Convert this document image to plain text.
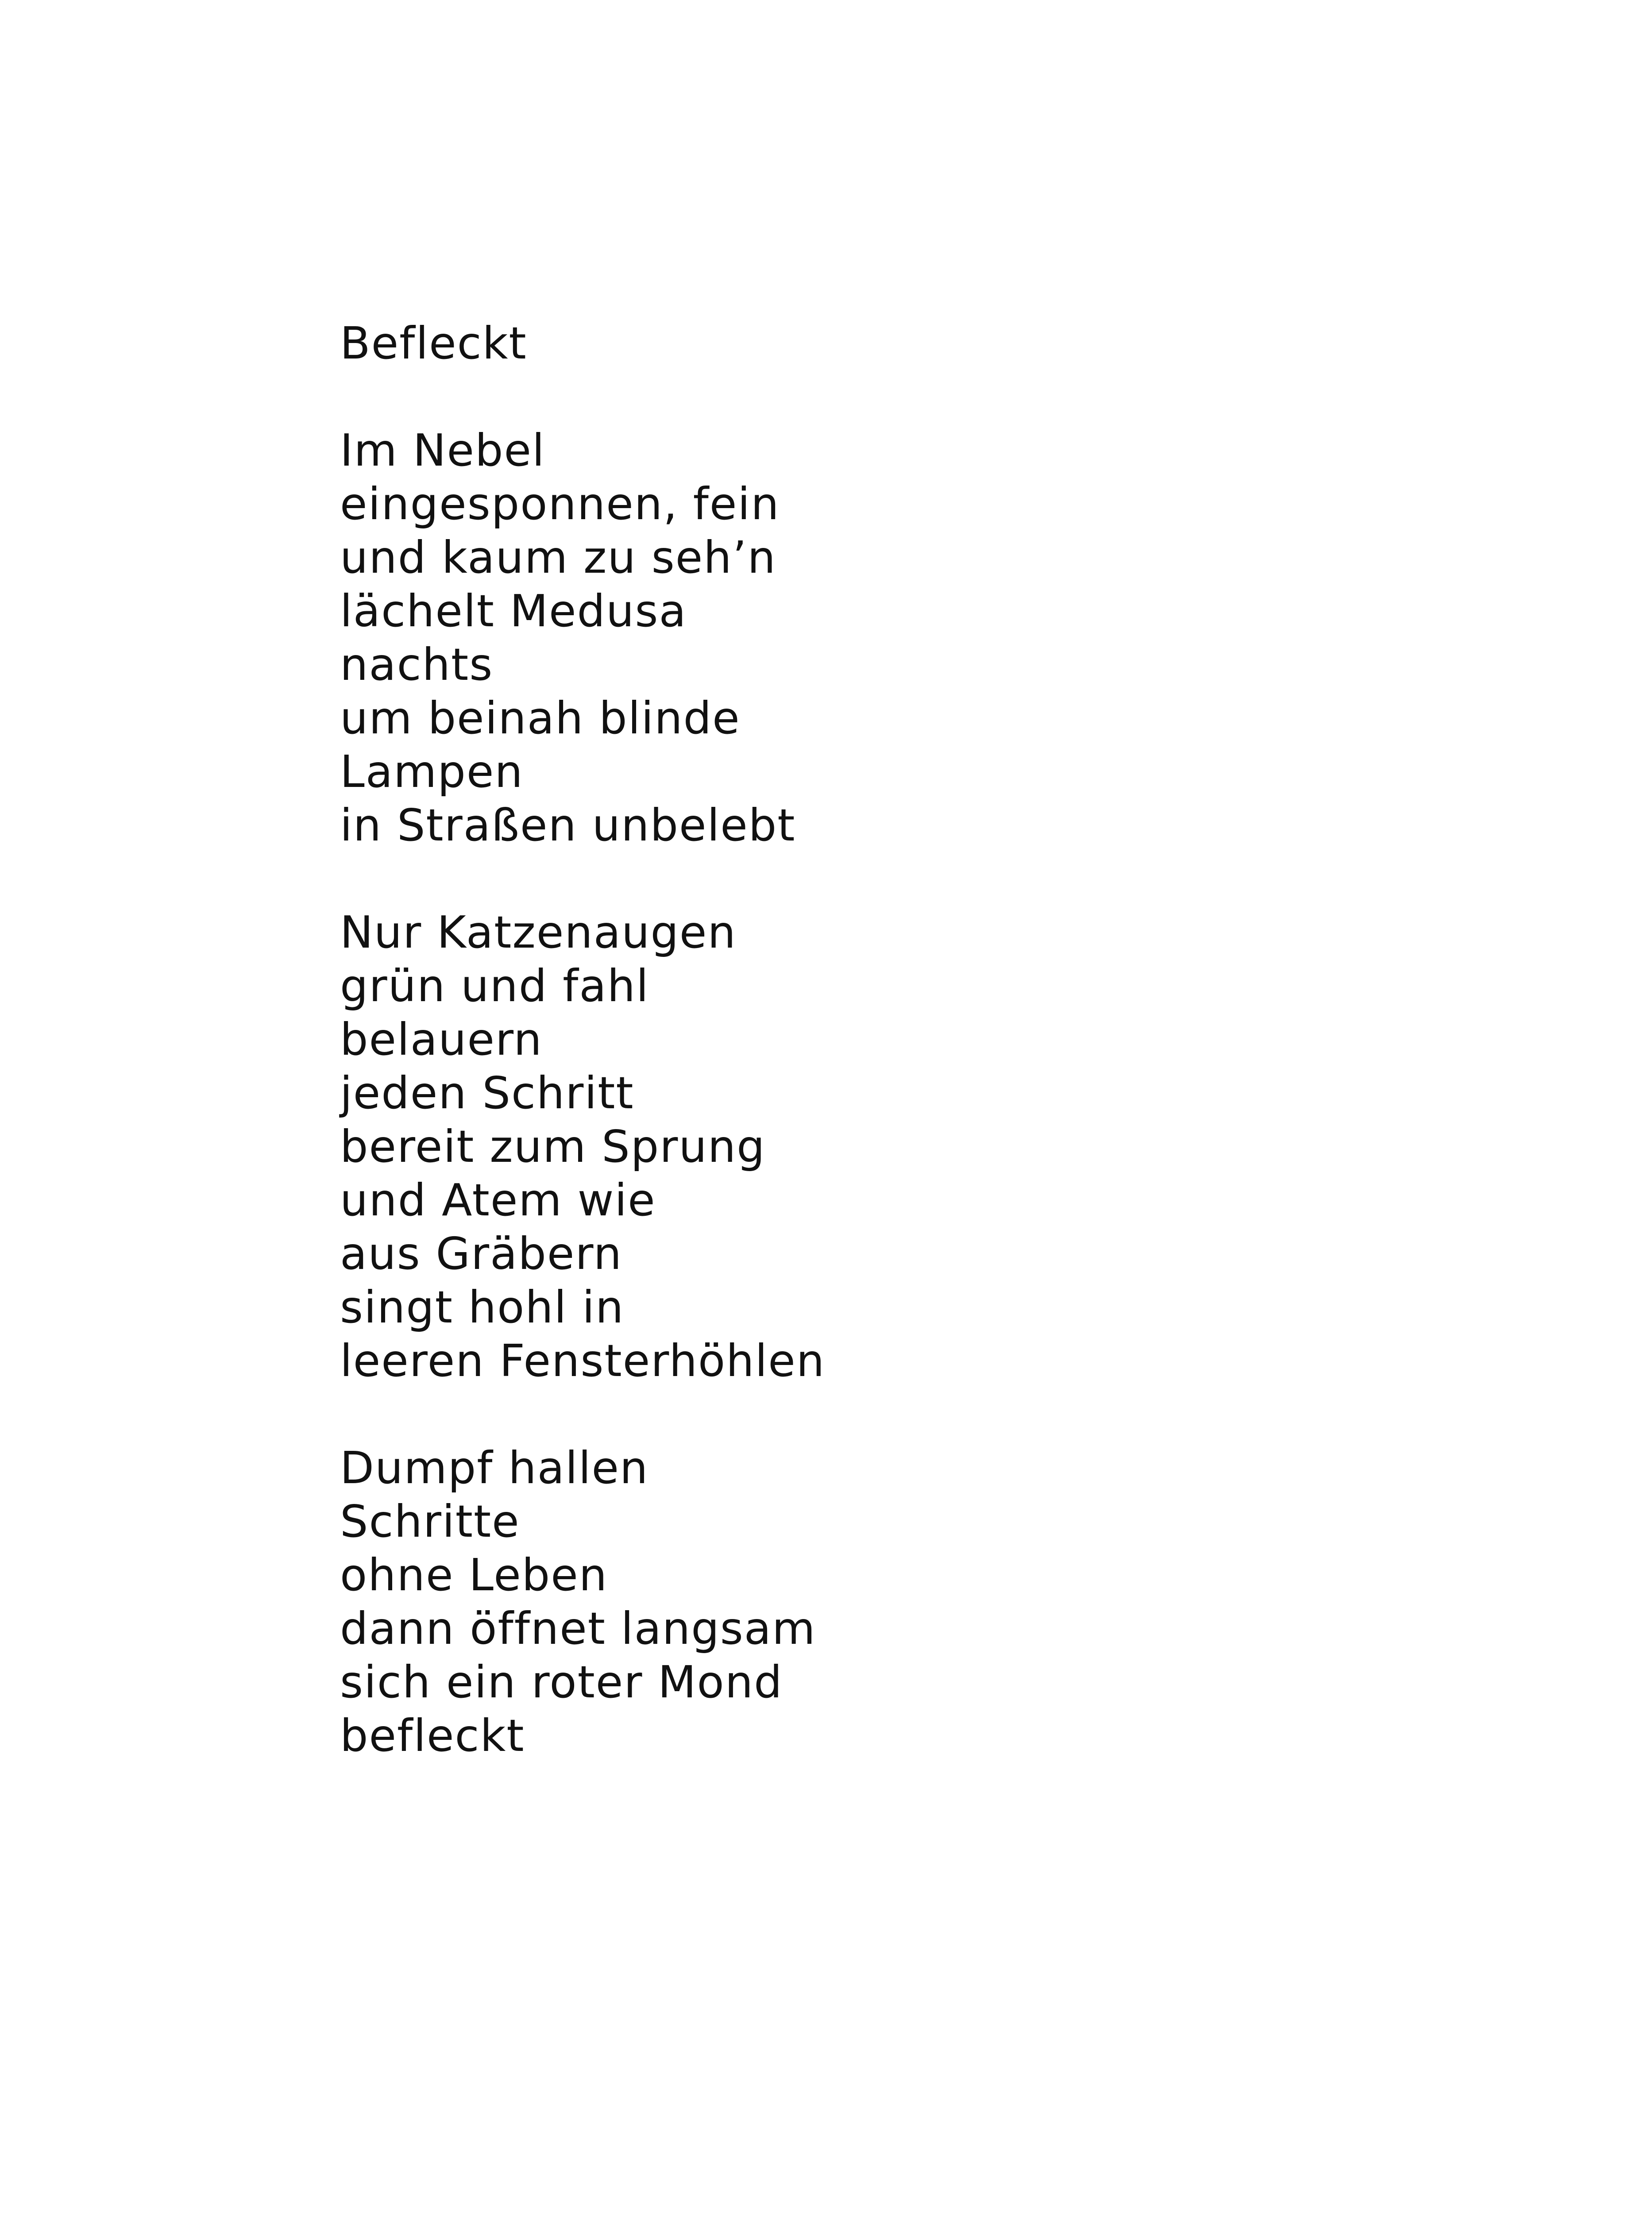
Befleckt
Im Nebel
eingesponnen, fein
und kaum zu seh’n
lächelt Medusa
nachts
um beinah blinde
Lampen
in Straßen unbelebt
Nur Katzenaugen
grün und fahl
belauern
jeden Schritt
bereit zum Sprung
und Atem wie
aus Gräbern
singt hohl in
leeren Fensterhöhlen
Dumpf hallen
Schritte
ohne Leben
dann öffnet langsam
sich ein roter Mond
befleckt
